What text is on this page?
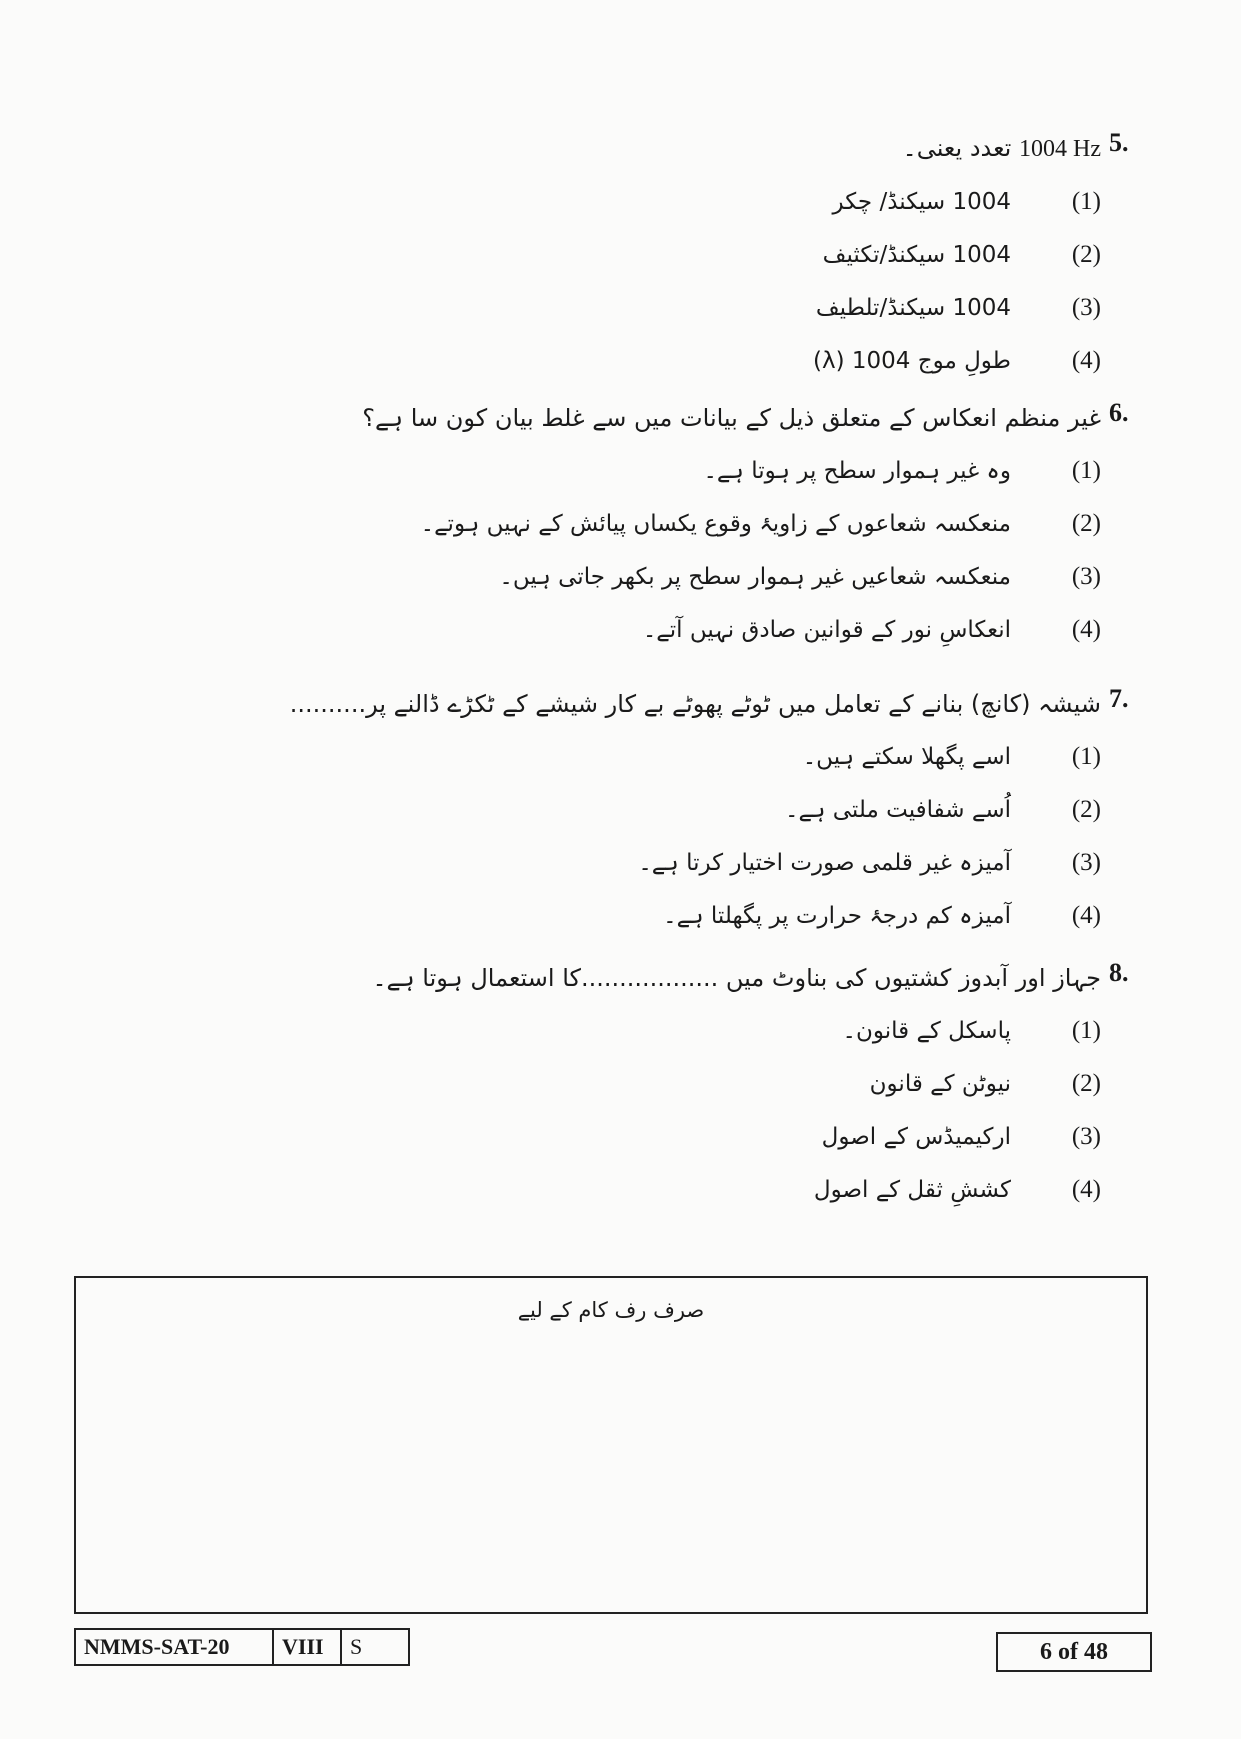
5.
1004 Hz تعدد یعنی۔
(1)
1004 سیکنڈ/ چکر
(2)
1004 سیکنڈ/تکثیف
(3)
1004 سیکنڈ/تلطیف
(4)
طولِ موج 1004 (λ)
6.
غیر منظم انعکاس کے متعلق ذیل کے بیانات میں سے غلط بیان کون سا ہے؟
(1)
وہ غیر ہموار سطح پر ہوتا ہے۔
(2)
منعکسہ شعاعوں کے زاویۂ وقوع یکساں پیائش کے نہیں ہوتے۔
(3)
منعکسہ شعاعیں غیر ہموار سطح پر بکھر جاتی ہیں۔
(4)
انعکاسِ نور کے قوانین صادق نہیں آتے۔
7.
شیشہ (کانچ) بنانے کے تعامل میں ٹوٹے پھوٹے بے کار شیشے کے ٹکڑے ڈالنے پر..........
(1)
اسے پگھلا سکتے ہیں۔
(2)
اُسے شفافیت ملتی ہے۔
(3)
آمیزہ غیر قلمی صورت اختیار کرتا ہے۔
(4)
آمیزہ کم درجۂ حرارت پر پگھلتا ہے۔
8.
جہاز اور آبدوز کشتیوں کی بناوٹ میں ..................کا استعمال ہوتا ہے۔
(1)
پاسکل کے قانون۔
(2)
نیوٹن کے قانون
(3)
ارکیمیڈس کے اصول
(4)
کششِ ثقل کے اصول
صرف رف کام کے لیے
NMMS-SAT-20	VIII	S	6 of 48
